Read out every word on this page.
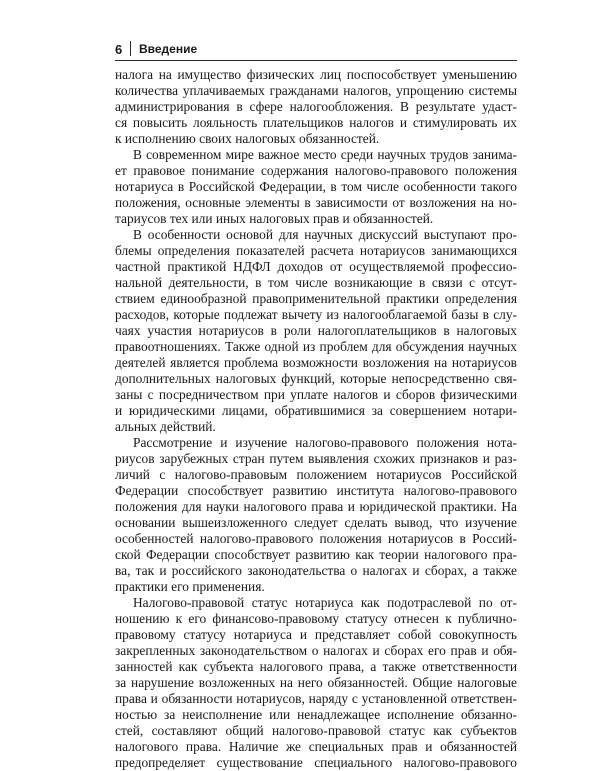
6 Введение

налога на имущество физических лиц поспособствует уменьшению
количества уплачиваемых гражданами налогов, упрощению системы
администрирования в сфере налогообложения. В результате удаст-
ся повысить лояльность плательщиков налогов и стимулировать их
к исполнению своих налоговых обязанностей.

В современном мире важное место среди научных трудов занима-
ет правовое понимание содержания налогово-правового положения
нотариуса в Российской Федерации, в том числе особенности такого
положения, основные элементы в зависимости от возложения на но-
тариусов тех или иных налоговых прав и обязанностей.

В особенности основой для научных дискуссий выступают про-
блемы определения показателей расчета нотариусов занимающихся
частной практикой НДФЛ доходов от осуществляемой профессио-
нальной деятельности, в том числе возникающие в связи с отсут-
ствием единообразной правоприменительной практики определения
расходов, которые подлежат вычету из налогооблагаемой базы в слу-
чаях участия нотариусов в роли налогоплательщиков в налоговых
правоотношениях. Также одной из проблем для обсуждения научных
деятелей является проблема возможности возложения на нотариусов
дополнительных налоговых функций, которые непосредственно свя-
заны с посредничеством при уплате налогов и сборов физическими
и юридическими лицами, обратившимися за совершением нотари-
альных действий.

Рассмотрение и изучение налогово-правового положения нота-
риусов зарубежных стран путем выявления схожих признаков и раз-
личий с налогово-правовым положением нотариусов Российской
Федерации способствует развитию института налогово-правового
положения для науки налогового права и юридической практики. На
основании вышеизложенного следует сделать вывод, что изучение
особенностей налогово-правового положения нотариусов в Россий-
ской Федерации способствует развитию как теории налогового пра-
ва, так и российского законодательства о налогах и сборах, а также
практики его применения.

Налогово-правовой статус нотариуса как подотраслевой по от-
ношению к его финансово-правовому статусу отнесен к публично-
правовому статусу нотариуса и представляет собой совокупность
закрепленных законодательством о налогах и сборах его прав и обя-
занностей как субъекта налогового права, а также ответственности
за нарушение возложенных на него обязанностей. Общие налоговые
права и обязанности нотариусов, наряду с установленной ответствен-
ностью за неисполнение или ненадлежащее исполнение обязанно-
стей, составляют общий налогово-правовой статус как субъектов
налогового права. Наличие же специальных прав и обязанностей
предопределяет существование специального налогово-правового
